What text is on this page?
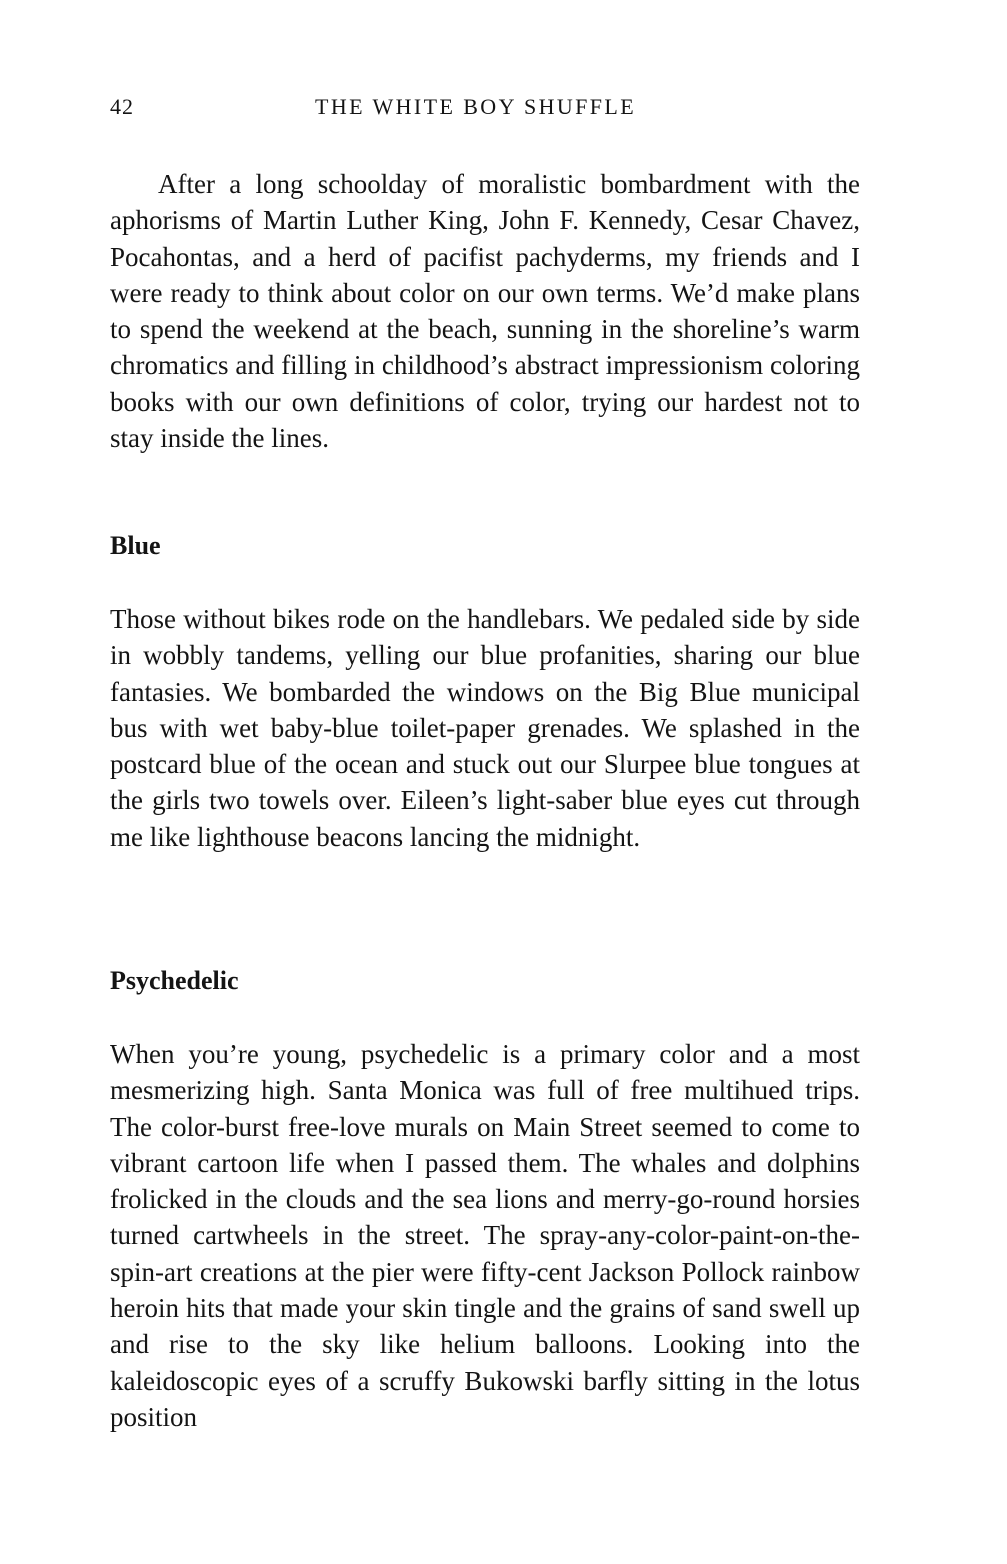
42	THE WHITE BOY SHUFFLE

After a long schoolday of moralistic bombardment with the aphorisms of Martin Luther King, John F. Kennedy, Cesar Chavez, Pocahontas, and a herd of pacifist pachyderms, my friends and I were ready to think about color on our own terms. We’d make plans to spend the weekend at the beach, sunning in the shoreline’s warm chromatics and filling in childhood’s abstract impressionism coloring books with our own definitions of color, trying our hardest not to stay inside the lines.

Blue

Those without bikes rode on the handlebars. We pedaled side by side in wobbly tandems, yelling our blue profanities, sharing our blue fantasies. We bombarded the windows on the Big Blue municipal bus with wet baby-blue toilet-paper grenades. We splashed in the postcard blue of the ocean and stuck out our Slurpee blue tongues at the girls two towels over. Eileen’s light-saber blue eyes cut through me like lighthouse beacons lancing the midnight.

Psychedelic

When you’re young, psychedelic is a primary color and a most mesmerizing high. Santa Monica was full of free multihued trips. The color-burst free-love murals on Main Street seemed to come to vibrant cartoon life when I passed them. The whales and dolphins frolicked in the clouds and the sea lions and merry-go-round horsies turned cartwheels in the street. The spray-any-color-paint-on-the-spin-art creations at the pier were fifty-cent Jackson Pollock rainbow heroin hits that made your skin tingle and the grains of sand swell up and rise to the sky like helium balloons. Looking into the kaleidoscopic eyes of a scruffy Bukowski barfly sitting in the lotus position
